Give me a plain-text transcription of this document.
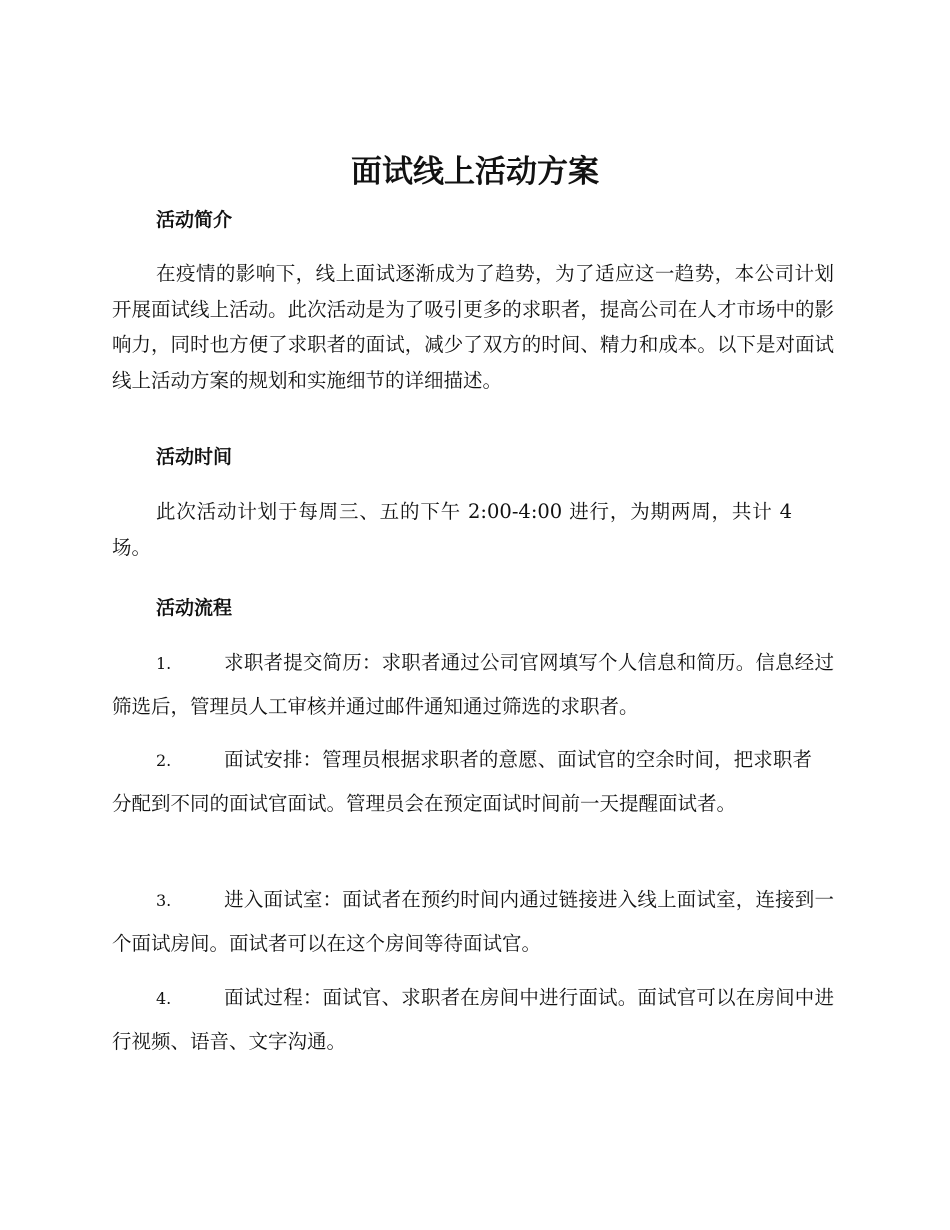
面试线上活动方案
活动简介

在疫情的影响下，线上面试逐渐成为了趋势，为了适应这一趋势，本公司计划开展面试线上活动。此次活动是为了吸引更多的求职者，提高公司在人才市场中的影响力，同时也方便了求职者的面试，减少了双方的时间、精力和成本。以下是对面试线上活动方案的规划和实施细节的详细描述。

活动时间

此次活动计划于每周三、五的下午 2:00-4:00 进行，为期两周，共计 4 场。

活动流程
1.	求职者提交简历：求职者通过公司官网填写个人信息和简历。信息经过筛选后，管理员人工审核并通过邮件通知通过筛选的求职者。
2.	面试安排：管理员根据求职者的意愿、面试官的空余时间，把求职者分配到不同的面试官面试。管理员会在预定面试时间前一天提醒面试者。
3.	进入面试室：面试者在预约时间内通过链接进入线上面试室，连接到一个面试房间。面试者可以在这个房间等待面试官。
4.	面试过程：面试官、求职者在房间中进行面试。面试官可以在房间中进行视频、语音、文字沟通。
